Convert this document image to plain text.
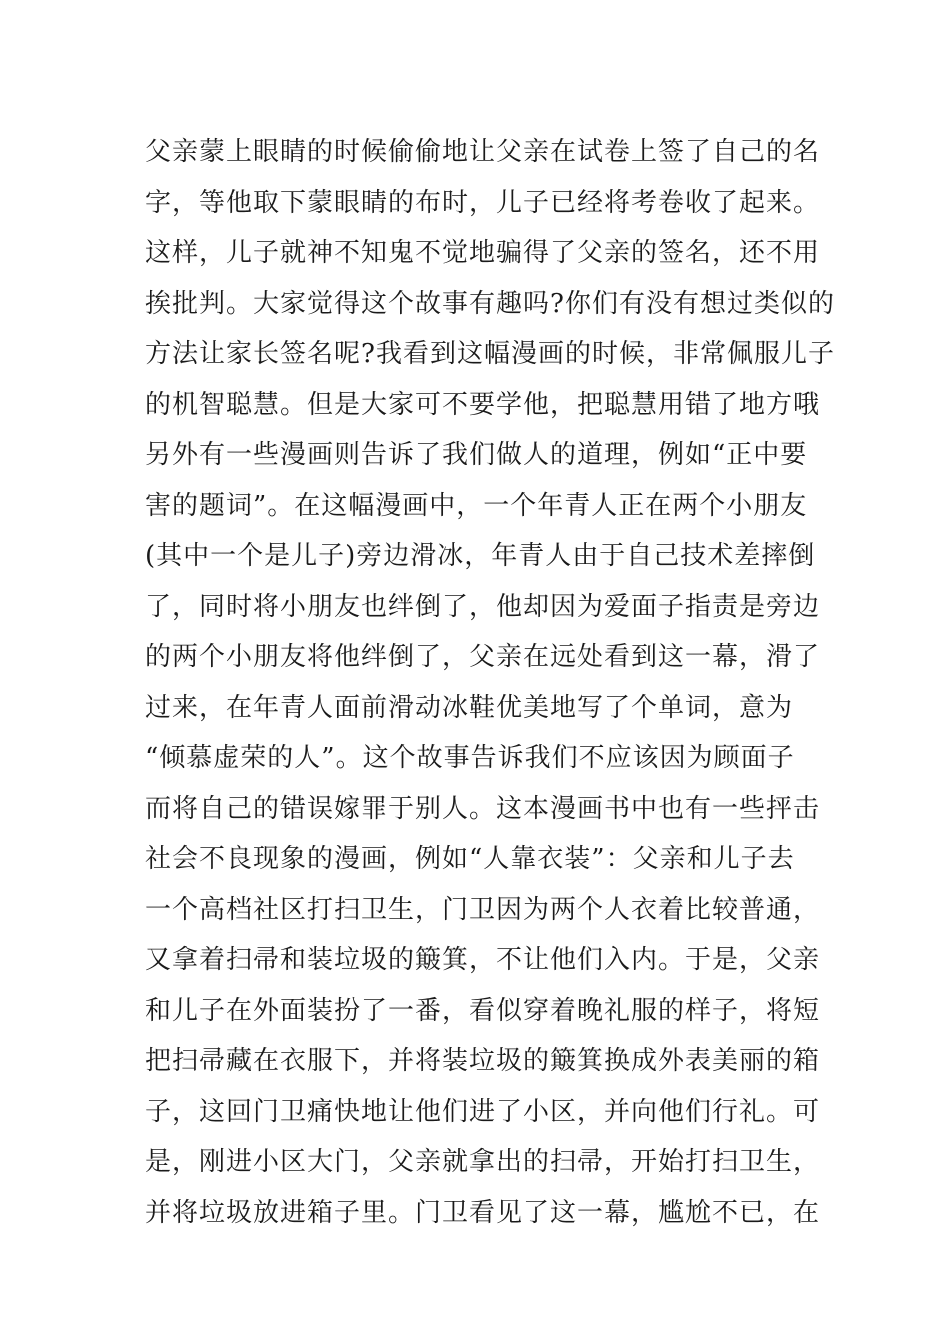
父亲蒙上眼睛的时候偷偷地让父亲在试卷上签了自己的名
字，等他取下蒙眼睛的布时，儿子已经将考卷收了起来。
这样，儿子就神不知鬼不觉地骗得了父亲的签名，还不用
挨批判。大家觉得这个故事有趣吗?你们有没有想过类似的
方法让家长签名呢?我看到这幅漫画的时候，非常佩服儿子
的机智聪慧。但是大家可不要学他，把聪慧用错了地方哦
另外有一些漫画则告诉了我们做人的道理，例如“正中要
害的题词”。在这幅漫画中，一个年青人正在两个小朋友
(其中一个是儿子)旁边滑冰，年青人由于自己技术差摔倒
了，同时将小朋友也绊倒了，他却因为爱面子指责是旁边
的两个小朋友将他绊倒了，父亲在远处看到这一幕，滑了
过来，在年青人面前滑动冰鞋优美地写了个单词，意为
“倾慕虚荣的人”。这个故事告诉我们不应该因为顾面子
而将自己的错误嫁罪于别人。这本漫画书中也有一些抨击
社会不良现象的漫画，例如“人靠衣装”：父亲和儿子去
一个高档社区打扫卫生，门卫因为两个人衣着比较普通，
又拿着扫帚和装垃圾的簸箕，不让他们入内。于是，父亲
和儿子在外面装扮了一番，看似穿着晚礼服的样子，将短
把扫帚藏在衣服下，并将装垃圾的簸箕换成外表美丽的箱
子，这回门卫痛快地让他们进了小区，并向他们行礼。可
是，刚进小区大门，父亲就拿出的扫帚，开始打扫卫生，
并将垃圾放进箱子里。门卫看见了这一幕，尴尬不已，在
